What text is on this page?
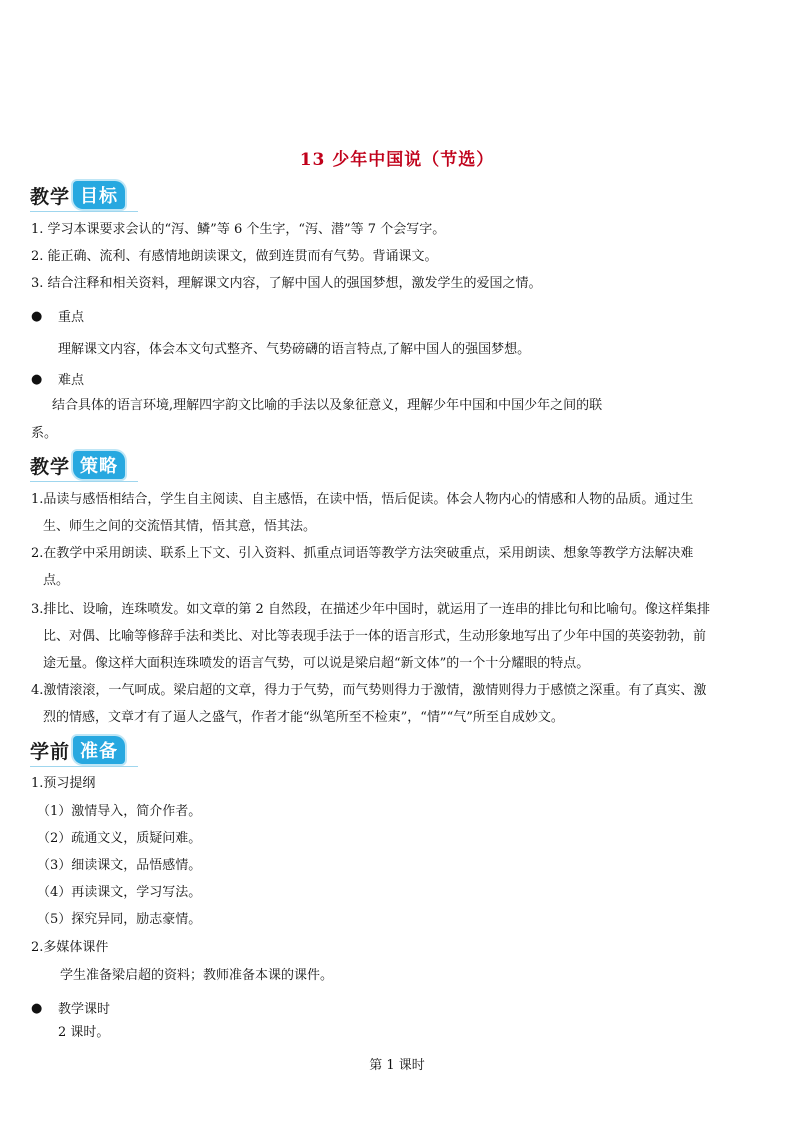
13 少年中国说（节选）
教学 目标
1. 学习本课要求会认的“泻、鳞”等 6 个生字，“泻、潜”等 7 个会写字。
2. 能正确、流利、有感情地朗读课文，做到连贯而有气势。背诵课文。
3. 结合注释和相关资料，理解课文内容，了解中国人的强国梦想，激发学生的爱国之情。
● 重点
理解课文内容，体会本文句式整齐、气势磅礴的语言特点,了解中国人的强国梦想。
● 难点
结合具体的语言环境,理解四字韵文比喻的手法以及象征意义，理解少年中国和中国少年之间的联
系。
教学 策略
1.品读与感悟相结合，学生自主阅读、自主感悟，在读中悟，悟后促读。体会人物内心的情感和人物的品质。通过生
生、师生之间的交流悟其情，悟其意，悟其法。
2.在教学中采用朗读、联系上下文、引入资料、抓重点词语等教学方法突破重点，采用朗读、想象等教学方法解决难
点。
3.排比、设喻，连珠喷发。如文章的第 2 自然段，在描述少年中国时，就运用了一连串的排比句和比喻句。像这样集排
比、对偶、比喻等修辞手法和类比、对比等表现手法于一体的语言形式，生动形象地写出了少年中国的英姿勃勃，前
途无量。像这样大面积连珠喷发的语言气势，可以说是梁启超“新文体”的一个十分耀眼的特点。
4.激情滚滚，一气呵成。梁启超的文章，得力于气势，而气势则得力于激情，激情则得力于感愤之深重。有了真实、激
烈的情感，文章才有了逼人之盛气，作者才能“纵笔所至不检束”，“情”“气”所至自成妙文。
学前 准备
1.预习提纲
（1）激情导入，简介作者。
（2）疏通文义，质疑问难。
（3）细读课文，品悟感情。
（4）再读课文，学习写法。
（5）探究异同，励志豪情。
2.多媒体课件
学生准备梁启超的资料；教师准备本课的课件。
● 教学课时
2 课时。
第 1 课时
